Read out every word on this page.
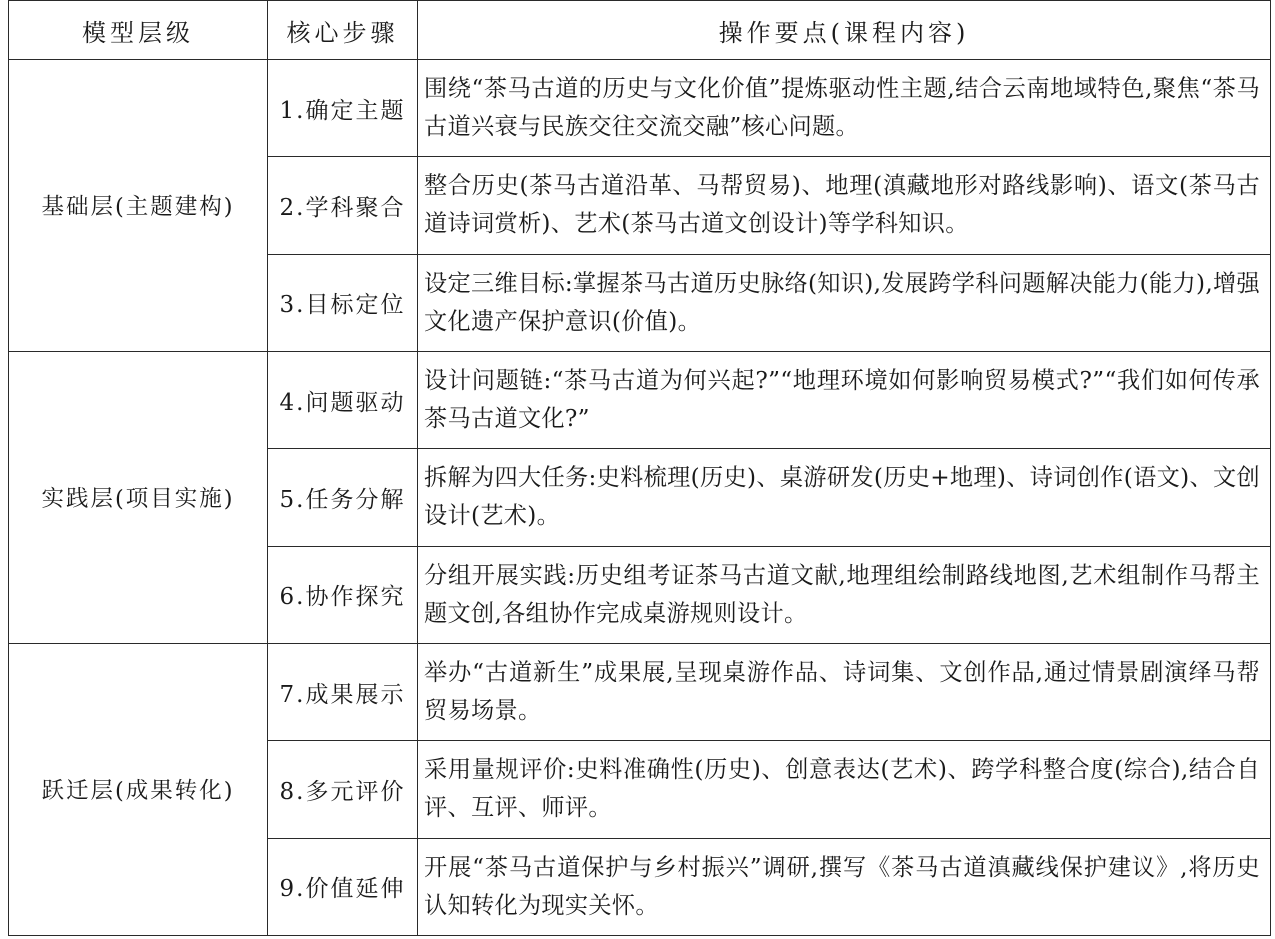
模型层级	核心步骤	操作要点(课程内容)
基础层(主题建构)	1.确定主题	围绕“茶马古道的历史与文化价值”提炼驱动性主题,结合云南地域特色,聚焦“茶马古道兴衰与民族交往交流交融”核心问题。
	2.学科聚合	整合历史(茶马古道沿革、马帮贸易)、地理(滇藏地形对路线影响)、语文(茶马古道诗词赏析)、艺术(茶马古道文创设计)等学科知识。
	3.目标定位	设定三维目标:掌握茶马古道历史脉络(知识),发展跨学科问题解决能力(能力),增强文化遗产保护意识(价值)。
实践层(项目实施)	4.问题驱动	设计问题链:“茶马古道为何兴起?”“地理环境如何影响贸易模式?”“我们如何传承茶马古道文化?”
	5.任务分解	拆解为四大任务:史料梳理(历史)、桌游研发(历史+地理)、诗词创作(语文)、文创设计(艺术)。
	6.协作探究	分组开展实践:历史组考证茶马古道文献,地理组绘制路线地图,艺术组制作马帮主题文创,各组协作完成桌游规则设计。
跃迁层(成果转化)	7.成果展示	举办“古道新生”成果展,呈现桌游作品、诗词集、文创作品,通过情景剧演绎马帮贸易场景。
	8.多元评价	采用量规评价:史料准确性(历史)、创意表达(艺术)、跨学科整合度(综合),结合自评、互评、师评。
	9.价值延伸	开展“茶马古道保护与乡村振兴”调研,撰写《茶马古道滇藏线保护建议》,将历史认知转化为现实关怀。
